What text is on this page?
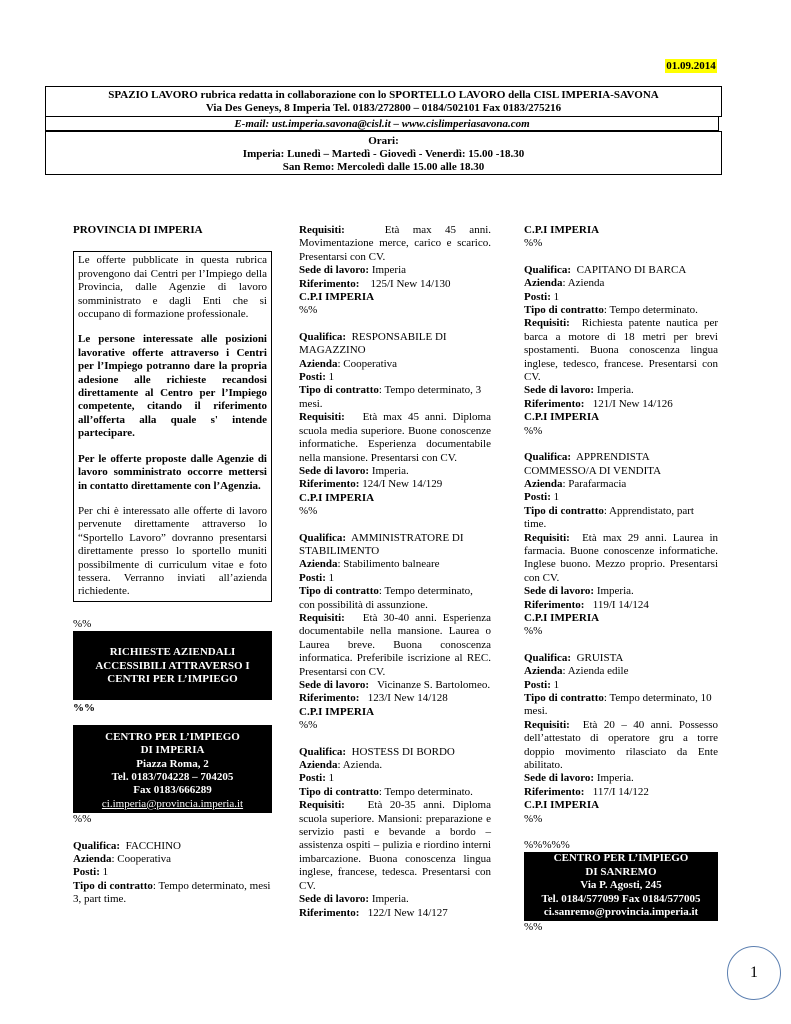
01.09.2014
SPAZIO LAVORO rubrica redatta in collaborazione con lo SPORTELLO LAVORO della CISL IMPERIA-SAVONA
Via Des Geneys, 8 Imperia Tel. 0183/272800 – 0184/502101 Fax 0183/275216
E-mail: ust.imperia.savona@cisl.it – www.cislimperiasavona.com
Orari:
Imperia: Lunedì – Martedì - Giovedì - Venerdì: 15.00 -18.30
San Remo: Mercoledì dalle 15.00 alle 18.30
PROVINCIA DI IMPERIA

Le offerte pubblicate in questa rubrica provengono dai Centri per l’Impiego della Provincia, dalle Agenzie di lavoro somministrato e dagli Enti che si occupano di formazione professionale.

Le persone interessate alle posizioni lavorative offerte attraverso i Centri per l’Impiego potranno dare la propria adesione alle richieste recandosi direttamente al Centro per l’Impiego competente, citando il riferimento all’offerta alla quale s' intende partecipare.

Per le offerte proposte dalle Agenzie di lavoro somministrato occorre mettersi in contatto direttamente con l’Agenzia.

Per chi è interessato alle offerte di lavoro pervenute direttamente attraverso lo “Sportello Lavoro” dovranno presentarsi direttamente presso lo sportello muniti possibilmente di curriculum vitae e foto tessera. Verranno inviati all’azienda richiedente.

%%
RICHIESTE AZIENDALI ACCESSIBILI ATTRAVERSO I CENTRI PER L’IMPIEGO
%%
CENTRO PER L’IMPIEGO
DI IMPERIA
Piazza Roma, 2
Tel. 0183/704228 – 704205
Fax 0183/666289
ci.imperia@provincia.imperia.it
%%
Qualifica: FACCHINO
Azienda: Cooperativa
Posti: 1
Tipo di contratto: Tempo determinato, mesi 3, part time.
Requisiti:	Età max 45 anni. Movimentazione merce, carico e scarico. Presentarsi con CV.
Sede di lavoro: Imperia
Riferimento: 125/I New 14/130
C.P.I IMPERIA
%%
Qualifica: RESPONSABILE DI MAGAZZINO
Azienda: Cooperativa
Posti: 1
Tipo di contratto: Tempo determinato, 3 mesi.
Requisiti: Età max 45 anni. Diploma scuola media superiore. Buone conoscenze informatiche. Esperienza documentabile nella mansione. Presentarsi con CV.
Sede di lavoro: Imperia.
Riferimento: 124/I New 14/129
C.P.I IMPERIA
%%
Qualifica: AMMINISTRATORE DI STABILIMENTO
Azienda: Stabilimento balneare
Posti: 1
Tipo di contratto: Tempo determinato, con possibilità di assunzione.
Requisiti: Età 30-40 anni. Esperienza documentabile nella mansione. Laurea o Laurea breve. Buona conoscenza informatica. Preferibile iscrizione al REC. Presentarsi con CV.
Sede di lavoro:   Vicinanze S. Bartolomeo.
Riferimento: 123/I New 14/128
C.P.I IMPERIA
%%
Qualifica: HOSTESS DI BORDO
Azienda: Azienda.
Posti: 1
Tipo di contratto: Tempo determinato.
Requisiti: Età 20-35 anni. Diploma scuola superiore. Mansioni: preparazione e servizio pasti e bevande a bordo – assistenza ospiti – pulizia e riordino interni imbarcazione. Buona conoscenza lingua inglese, francese, tedesca. Presentarsi con CV.
Sede di lavoro: Imperia.
Riferimento: 122/I New 14/127
C.P.I IMPERIA
%%
Qualifica: CAPITANO DI BARCA
Azienda: Azienda
Posti: 1
Tipo di contratto: Tempo determinato.
Requisiti: Richiesta patente nautica per barca a motore di 18 metri per brevi spostamenti. Buona conoscenza lingua inglese, tedesco, francese. Presentarsi con CV.
Sede di lavoro: Imperia.
Riferimento: 121/I New 14/126
C.P.I IMPERIA
%%
Qualifica: APPRENDISTA COMMESSO/A DI VENDITA
Azienda: Parafarmacia
Posti: 1
Tipo di contratto: Apprendistato, part time.
Requisiti: Età max 29 anni. Laurea in farmacia. Buone conoscenze informatiche. Inglese buono. Mezzo proprio. Presentarsi con CV.
Sede di lavoro: Imperia.
Riferimento: 119/I 14/124
C.P.I IMPERIA
%%
Qualifica: GRUISTA
Azienda: Azienda edile
Posti: 1
Tipo di contratto: Tempo determinato, 10 mesi.
Requisiti: Età 20 – 40 anni. Possesso dell’attestato di operatore gru a torre doppio movimento rilasciato da Ente abilitato.
Sede di lavoro: Imperia.
Riferimento: 117/I 14/122
C.P.I IMPERIA
%%
%%%%%
CENTRO PER L’IMPIEGO
DI SANREMO
Via P. Agosti, 245
Tel. 0184/577099 Fax 0184/577005
ci.sanremo@provincia.imperia.it
%%
1
